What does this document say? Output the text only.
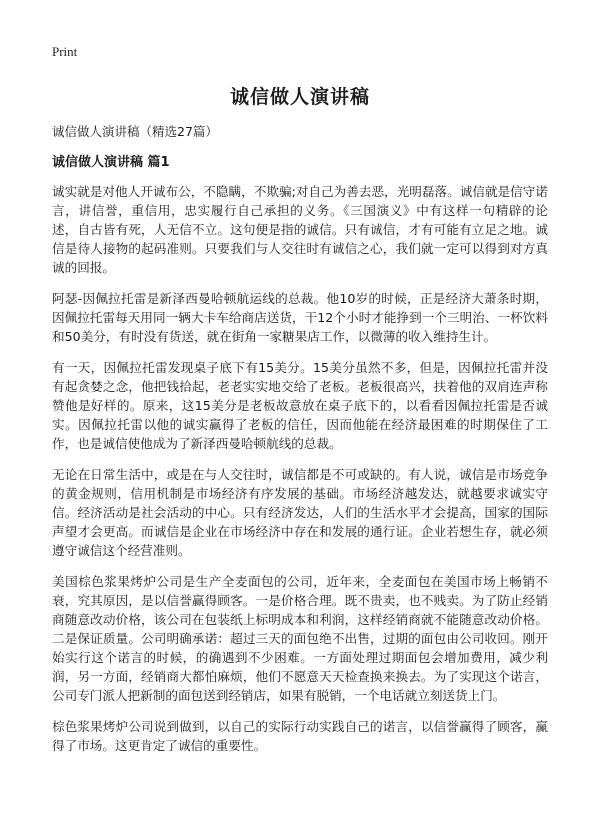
Print
诚信做人演讲稿

诚信做人演讲稿（精选27篇）

诚信做人演讲稿 篇1

诚实就是对他人开诚布公，不隐瞒，不欺骗;对自己为善去恶，光明磊落。诚信就是信守诺言，讲信誉，重信用，忠实履行自己承担的义务。《三国演义》中有这样一句精辟的论述，自古皆有死，人无信不立。这句便是指的诚信。只有诚信，才有可能有立足之地。诚信是待人接物的起码准则。只要我们与人交往时有诚信之心，我们就一定可以得到对方真诚的回报。

阿瑟-因佩拉托雷是新泽西曼哈顿航运线的总裁。他10岁的时候，正是经济大萧条时期，因佩拉托雷每天用同一辆大卡车给商店送货，干12个小时才能挣到一个三明治、一杯饮料和50美分，有时没有货送，就在街角一家糖果店工作，以微薄的收入维持生计。

有一天，因佩拉托雷发现桌子底下有15美分。15美分虽然不多，但是，因佩拉托雷并没有起贪婪之念，他把钱拾起，老老实实地交给了老板。老板很高兴，扶着他的双肩连声称赞他是好样的。原来，这15美分是老板故意放在桌子底下的，以看看因佩拉托雷是否诚实。因佩拉托雷以他的诚实赢得了老板的信任，因而他能在经济最困难的时期保住了工作，也是诚信使他成为了新泽西曼哈顿航线的总裁。

无论在日常生活中，或是在与人交往时，诚信都是不可或缺的。有人说，诚信是市场竞争的黄金规则，信用机制是市场经济有序发展的基础。市场经济越发达，就越要求诚实守信。经济活动是社会活动的中心。只有经济发达，人们的生活水平才会提高，国家的国际声望才会更高。而诚信是企业在市场经济中存在和发展的通行证。企业若想生存，就必须遵守诚信这个经营准则。

美国棕色浆果烤炉公司是生产全麦面包的公司，近年来，全麦面包在美国市场上畅销不衰，究其原因，是以信誉赢得顾客。一是价格合理。既不贵卖，也不贱卖。为了防止经销商随意改动价格，该公司在包装纸上标明成本和利润，这样经销商就不能随意改动价格。二是保证质量。公司明确承诺：超过三天的面包绝不出售，过期的面包由公司收回。刚开始实行这个诺言的时候，的确遇到不少困难。一方面处理过期面包会增加费用，减少利润，另一方面，经销商大都怕麻烦，他们不愿意天天检查换来换去。为了实现这个诺言，公司专门派人把新制的面包送到经销店，如果有脱销，一个电话就立刻送货上门。

棕色浆果烤炉公司说到做到，以自己的实际行动实践自己的诺言，以信誉赢得了顾客，赢得了市场。这更肯定了诚信的重要性。
